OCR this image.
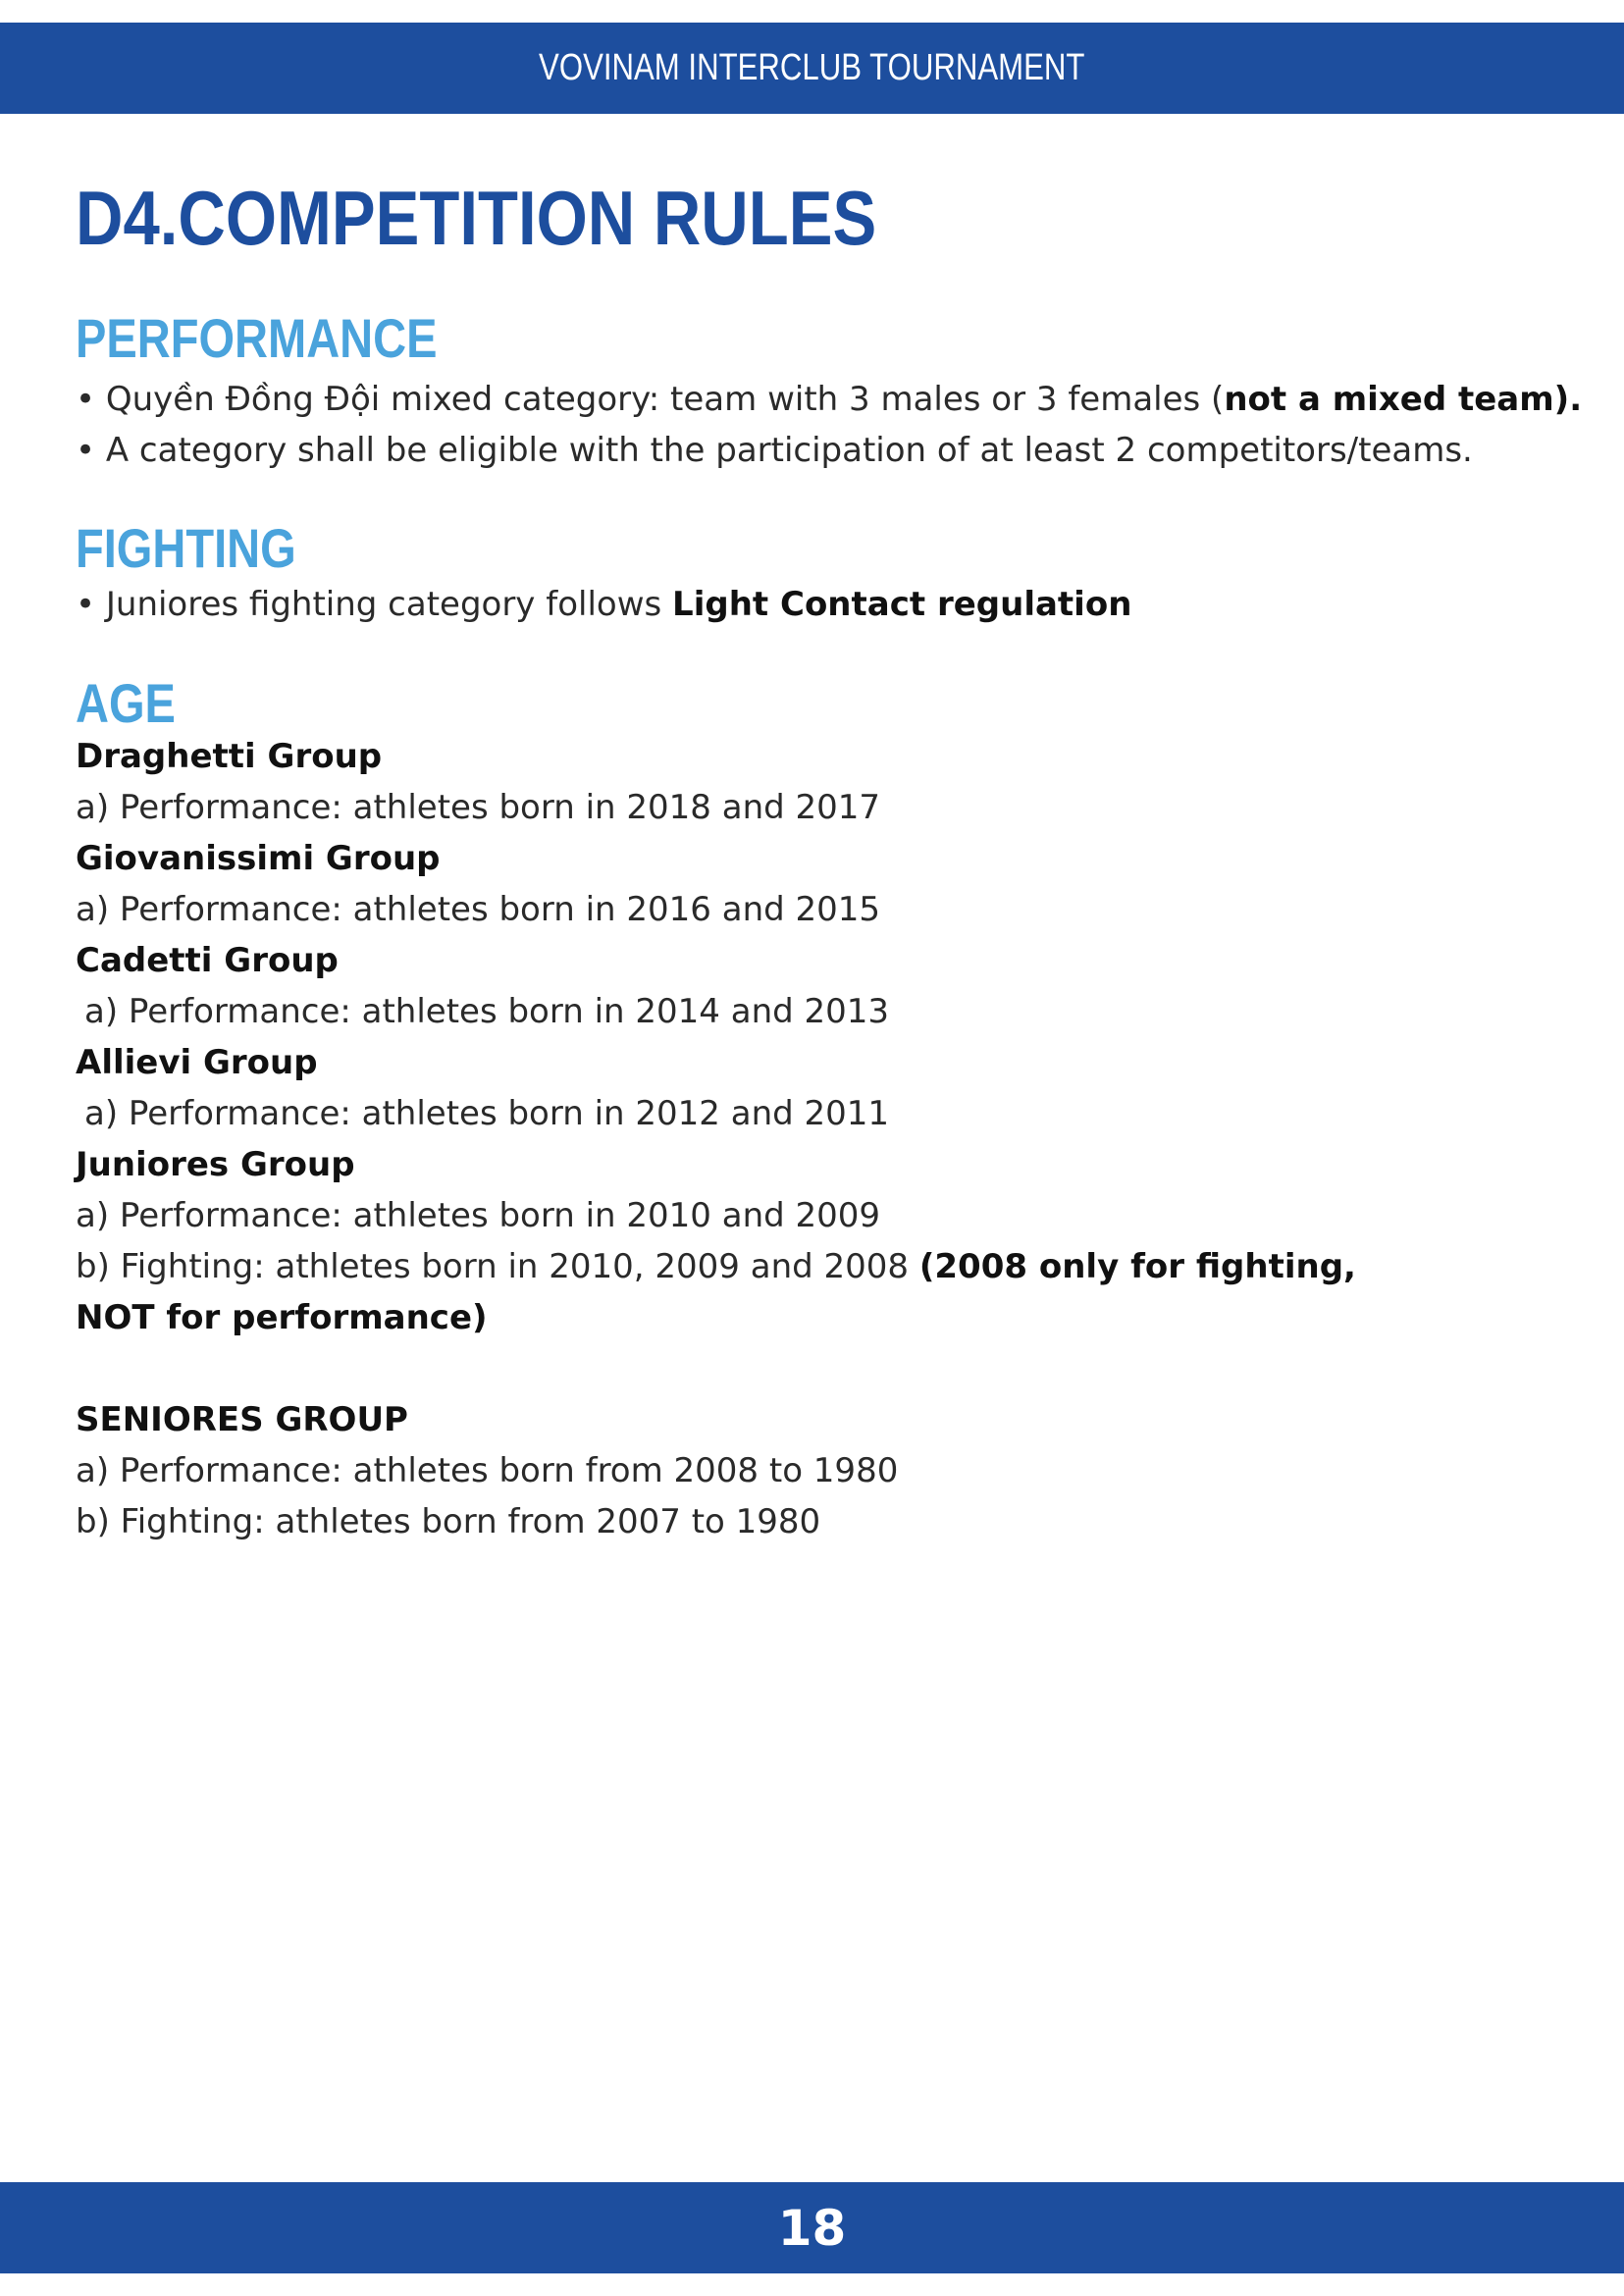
VOVINAM INTERCLUB TOURNAMENT
D4.COMPETITION RULES
PERFORMANCE

• Quyền Đồng Đội mixed category: team with 3 males or 3 females (not a mixed team).

• A category shall be eligible with the participation of at least 2 competitors/teams.

FIGHTING

• Juniores fighting category follows Light Contact regulation

AGE

Draghetti Group

a) Performance: athletes born in 2018 and 2017

Giovanissimi Group

a) Performance: athletes born in 2016 and 2015

Cadetti Group

a) Performance: athletes born in 2014 and 2013

Allievi Group

a) Performance: athletes born in 2012 and 2011

Juniores Group

a) Performance: athletes born in 2010 and 2009

b) Fighting: athletes born in 2010, 2009 and 2008 (2008 only for fighting,

NOT for performance)

SENIORES GROUP

a) Performance: athletes born from 2008 to 1980

b) Fighting: athletes born from 2007 to 1980

18
